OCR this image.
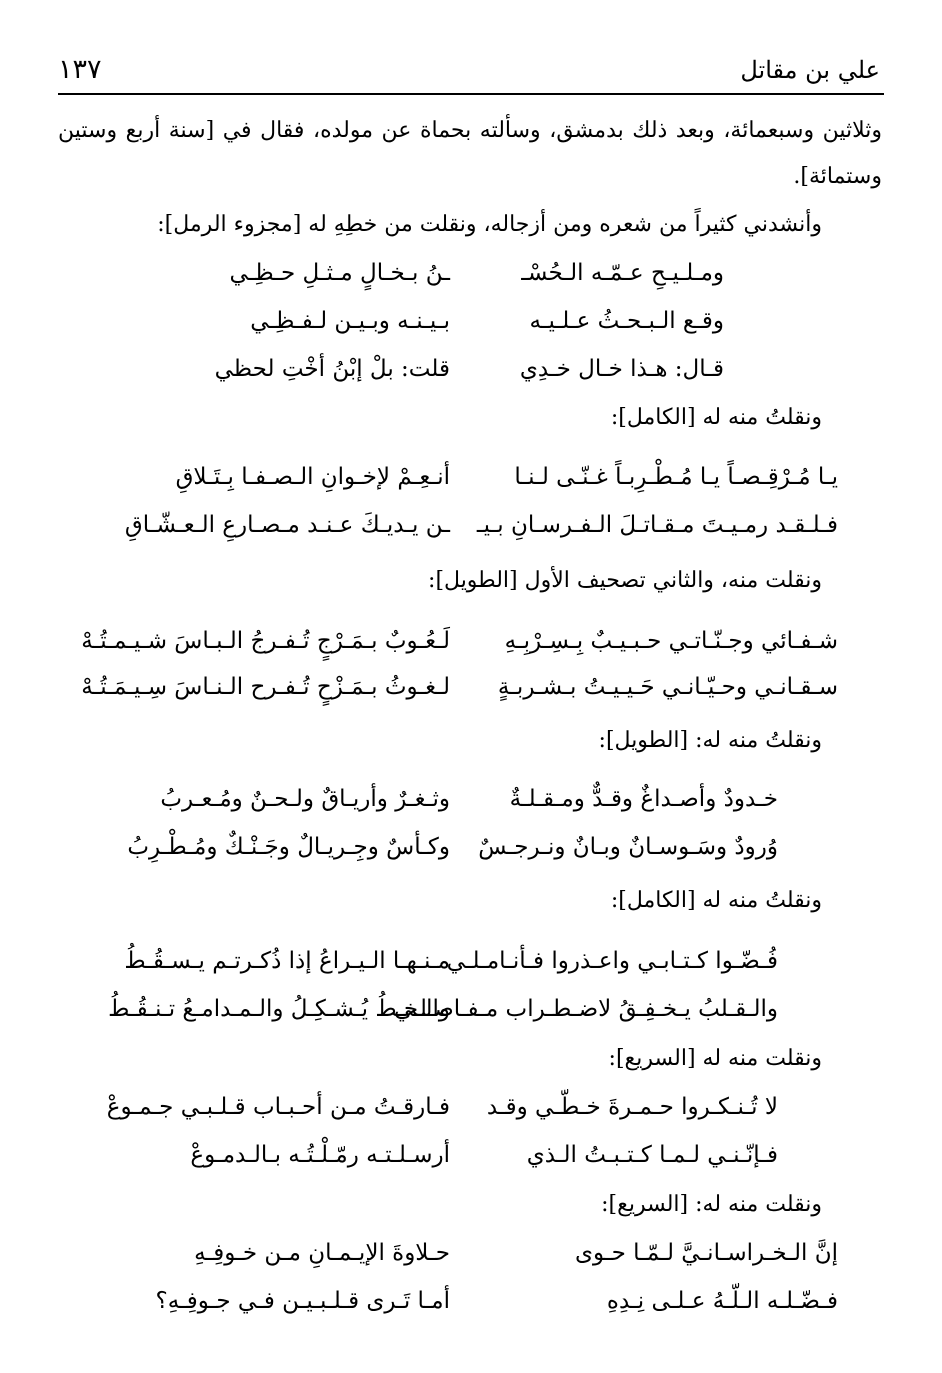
علي بن مقاتل
١٣٧
وثلاثين وسبعمائة، وبعد ذلك بدمشق، وسألته بحماة عن مولده، فقال في [سنة أربع وستين
وستمائة].
وأنشدني كثيراً من شعره ومن أزجاله، ونقلت من خطِهِ له [مجزوء الرمل]:
ومـلـيـحِ عـمّـه الـحُسْـ
ـنُ بـخـالٍ مـثـلِ حـظِـي
وقـع الـبـحـثُ عـلـيـه
بـيـنـه وبـيـن لـفـظِـي
قـال: هـذا خـال خـدِي
قلت: بلْ إبْنُ أخْتِ لحظي
ونقلتُ منه له [الكامل]:
يـا مُـرْقِـصـاً يـا مُـطْـرِبـاً غـنّـى لـنـا
أنـعِـمْ لإخـوانِ الـصـفـا بِـتَـلاقِ
فـلـقـد رمـيـتَ مـقـاتـلَ الـفـرسـانِ بـيـ
ـن يـديـكَ عـنـد مـصـارعِ الـعـشّـاقِ
ونقلت منه، والثاني تصحيف الأول [الطويل]:
شـفـائي وجـنّـاتـي حـبـيـبٌ بِـسِـرْبِـهِ
لَـعُـوبٌ بـمَـرْجٍ تُـفـرجُ الـبـاسَ شـيـمـتُـهْ
سـقـانـي وحـيّـانـي حَـيـيـتُ بـشـربـةٍ
لـغـوثُ بـمَـزْحٍ تُـفـرح الـنـاسَ سِـيـمَـتُـهْ
ونقلتُ منه له: [الطويل]:
خـدودٌ وأصـداغٌ وقـدٌّ ومـقـلـةٌ
وثـغـرٌ وأريـاقٌ ولـحـنٌ ومُـعـربُ
وُرودٌ وسَـوسـانٌ وبـانٌ ونـرجـسٌ
وكـأسٌ وجِـريـالٌ وجَـنْـكٌ ومُـطْـرِبُ
ونقلتُ منه له [الكامل]:
فُـضّـوا كـتـابـي واعـذروا فـأنـامـلـي
مـنـهـا الـيـراعُ إذا ذُكـرتـم يـسـقُـطُ
والـقـلبُ يـخـفِـقُ لاضـطـراب مـفـاصـلـي
والـخـطُ يُـشـكِـلُ والـمـدامـعُ تـنـقُـطُ
ونقلت منه له [السريع]:
لا تُـنـكـروا حـمـرةَ خـطّـي وقـد
فـارقـتُ مـن أحـبـاب قـلـبـي جـمـوعْ
فـإنّـنـي لـمـا كـتـبـتُ الـذي
أرسـلـتـه رمّـلْـتُـه بـالـدمـوعْ
ونقلت منه له: [السريع]:
إنَّ الـخـراسـانـيَّ لـمّـا حـوى
حـلاوةَ الإيـمـانِ مـن خـوفِـهِ
فـضّـلـه الـلّـهُ عـلـى نِـدِهِ
أمـا تَـرى قـلـبـيـن فـي جـوفِـهِ؟
